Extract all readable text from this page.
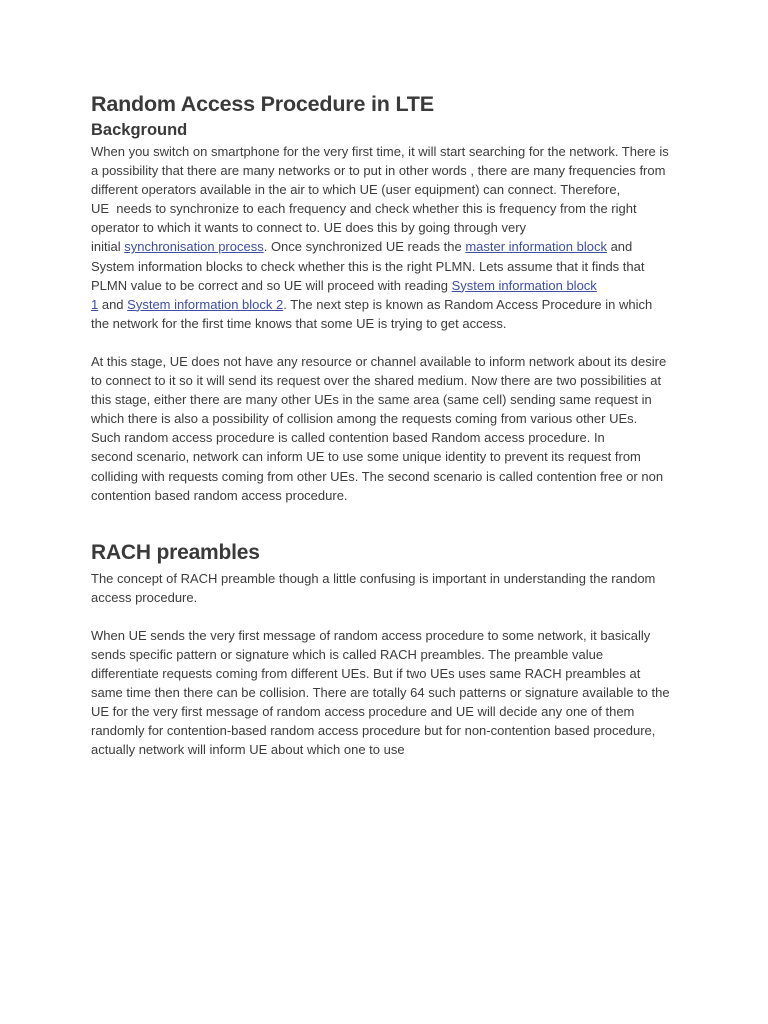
Random Access Procedure in LTE
Background

When you switch on smartphone for the very first time, it will start searching for the network. There is
a possibility that there are many networks or to put in other words , there are many frequencies from
different operators available in the air to which UE (user equipment) can connect. Therefore,
UE  needs to synchronize to each frequency and check whether this is frequency from the right
operator to which it wants to connect to. UE does this by going through very
initial synchronisation process. Once synchronized UE reads the master information block and
System information blocks to check whether this is the right PLMN. Lets assume that it finds that
PLMN value to be correct and so UE will proceed with reading System information block
1 and System information block 2. The next step is known as Random Access Procedure in which
the network for the first time knows that some UE is trying to get access.

At this stage, UE does not have any resource or channel available to inform network about its desire
to connect to it so it will send its request over the shared medium. Now there are two possibilities at
this stage, either there are many other UEs in the same area (same cell) sending same request in
which there is also a possibility of collision among the requests coming from various other UEs.
Such random access procedure is called contention based Random access procedure. In
second scenario, network can inform UE to use some unique identity to prevent its request from
colliding with requests coming from other UEs. The second scenario is called contention free or non
contention based random access procedure.

RACH preambles

The concept of RACH preamble though a little confusing is important in understanding the random
access procedure.

When UE sends the very first message of random access procedure to some network, it basically
sends specific pattern or signature which is called RACH preambles. The preamble value
differentiate requests coming from different UEs. But if two UEs uses same RACH preambles at
same time then there can be collision. There are totally 64 such patterns or signature available to the
UE for the very first message of random access procedure and UE will decide any one of them
randomly for contention-based random access procedure but for non-contention based procedure,
actually network will inform UE about which one to use
